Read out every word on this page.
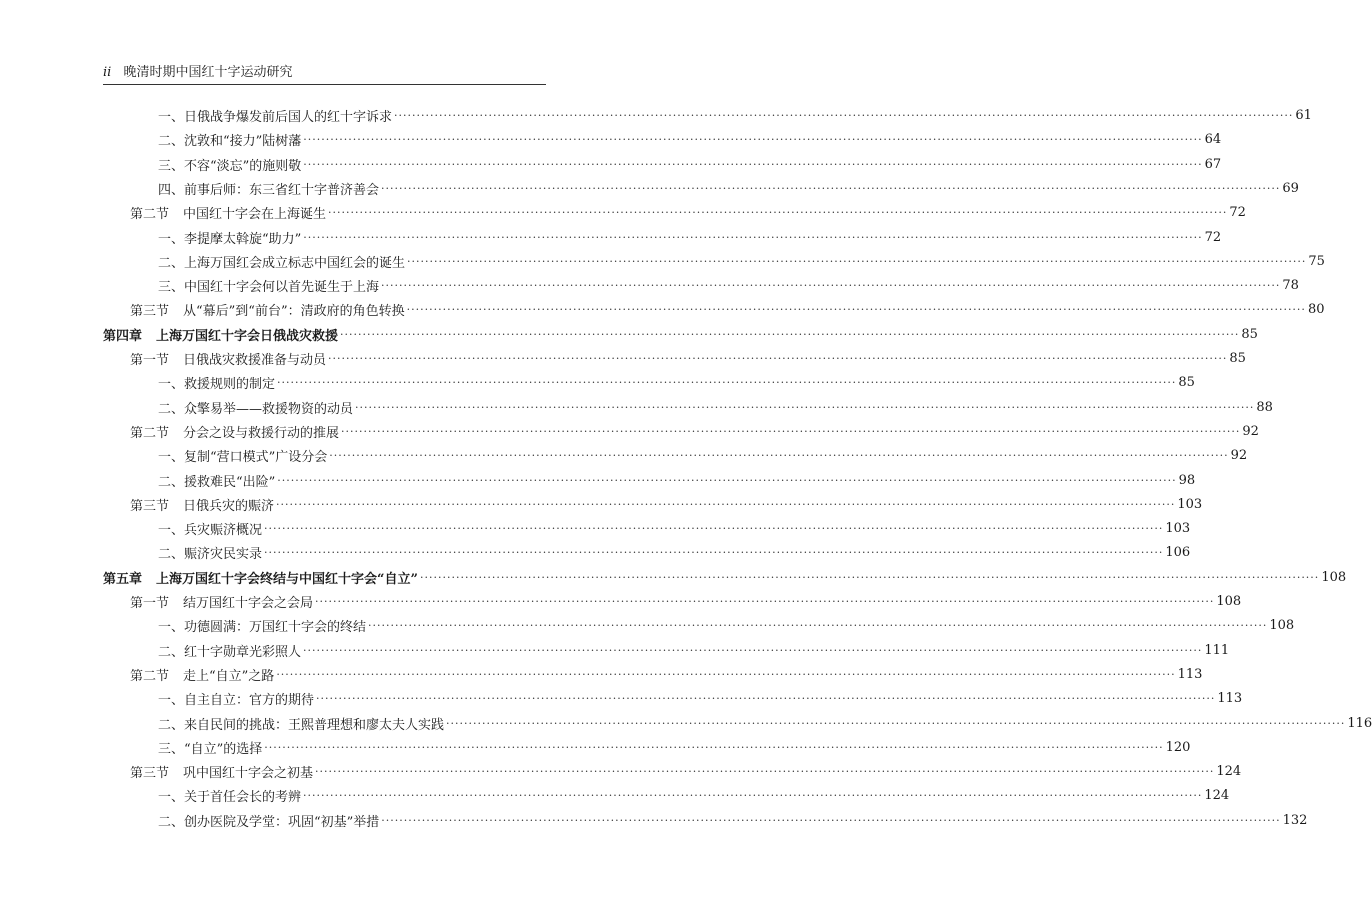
ii 晚清时期中国红十字运动研究
一、日俄战争爆发前后国人的红十字诉求 ········································································································································································································ 61
二、沈敦和“接力”陆树藩 ········································································································································································································ 64
三、不容“淡忘”的施则敬 ········································································································································································································ 67
四、前事后师：东三省红十字普济善会 ········································································································································································································ 69
第二节 中国红十字会在上海诞生 ········································································································································································································ 72
一、李提摩太斡旋“助力” ········································································································································································································ 72
二、上海万国红会成立标志中国红会的诞生 ········································································································································································································ 75
三、中国红十字会何以首先诞生于上海 ········································································································································································································ 78
第三节 从“幕后”到“前台”：清政府的角色转换 ········································································································································································································ 80
第四章 上海万国红十字会日俄战灾救援 ········································································································································································································ 85
第一节 日俄战灾救援准备与动员 ········································································································································································································ 85
一、救援规则的制定 ········································································································································································································ 85
二、众擎易举——救援物资的动员 ········································································································································································································ 88
第二节 分会之设与救援行动的推展 ········································································································································································································ 92
一、复制“营口模式”广设分会 ········································································································································································································ 92
二、援救难民“出险” ········································································································································································································ 98
第三节 日俄兵灾的赈济 ········································································································································································································ 103
一、兵灾赈济概况 ········································································································································································································ 103
二、赈济灾民实录 ········································································································································································································ 106
第五章 上海万国红十字会终结与中国红十字会“自立” ········································································································································································································ 108
第一节 结万国红十字会之会局 ········································································································································································································ 108
一、功德圆满：万国红十字会的终结 ········································································································································································································ 108
二、红十字勋章光彩照人 ········································································································································································································ 111
第二节 走上“自立”之路 ········································································································································································································ 113
一、自主自立：官方的期待 ········································································································································································································ 113
二、来自民间的挑战：王熙普理想和廖太夫人实践 ········································································································································································································ 116
三、“自立”的选择 ········································································································································································································ 120
第三节 巩中国红十字会之初基 ········································································································································································································ 124
一、关于首任会长的考辨 ········································································································································································································ 124
二、创办医院及学堂：巩固“初基”举措 ········································································································································································································ 132
